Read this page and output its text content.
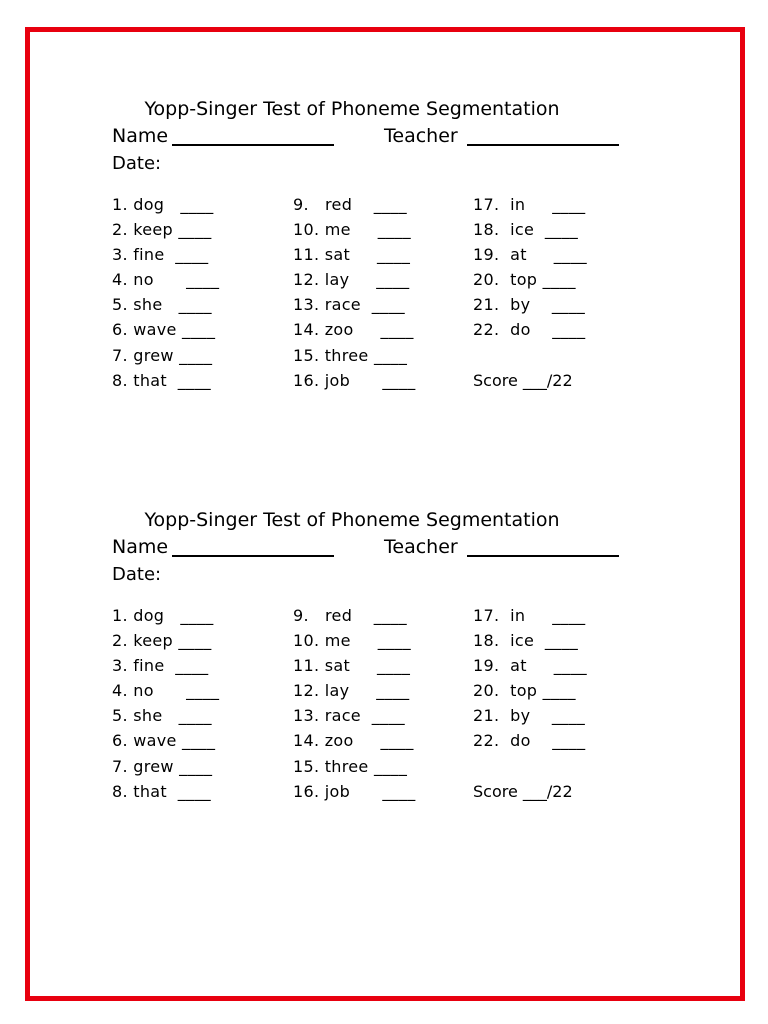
Yopp-Singer Test of Phoneme Segmentation
Name	Teacher
Date:
1. dog   ____
2. keep ____
3. fine  ____
4. no      ____
5. she   ____
6. wave ____
7. grew ____
8. that  ____
9.   red    ____
10. me     ____
11. sat     ____
12. lay     ____
13. race  ____
14. zoo     ____
15. three ____
16. job      ____
17.  in     ____
18.  ice  ____
19.  at     ____
20.  top ____
21.  by    ____
22.  do    ____
Score ___/22
Yopp-Singer Test of Phoneme Segmentation
Name	Teacher
Date:
1. dog   ____
2. keep ____
3. fine  ____
4. no      ____
5. she   ____
6. wave ____
7. grew ____
8. that  ____
9.   red    ____
10. me     ____
11. sat     ____
12. lay     ____
13. race  ____
14. zoo     ____
15. three ____
16. job      ____
17.  in     ____
18.  ice  ____
19.  at     ____
20.  top ____
21.  by    ____
22.  do    ____
Score ___/22
